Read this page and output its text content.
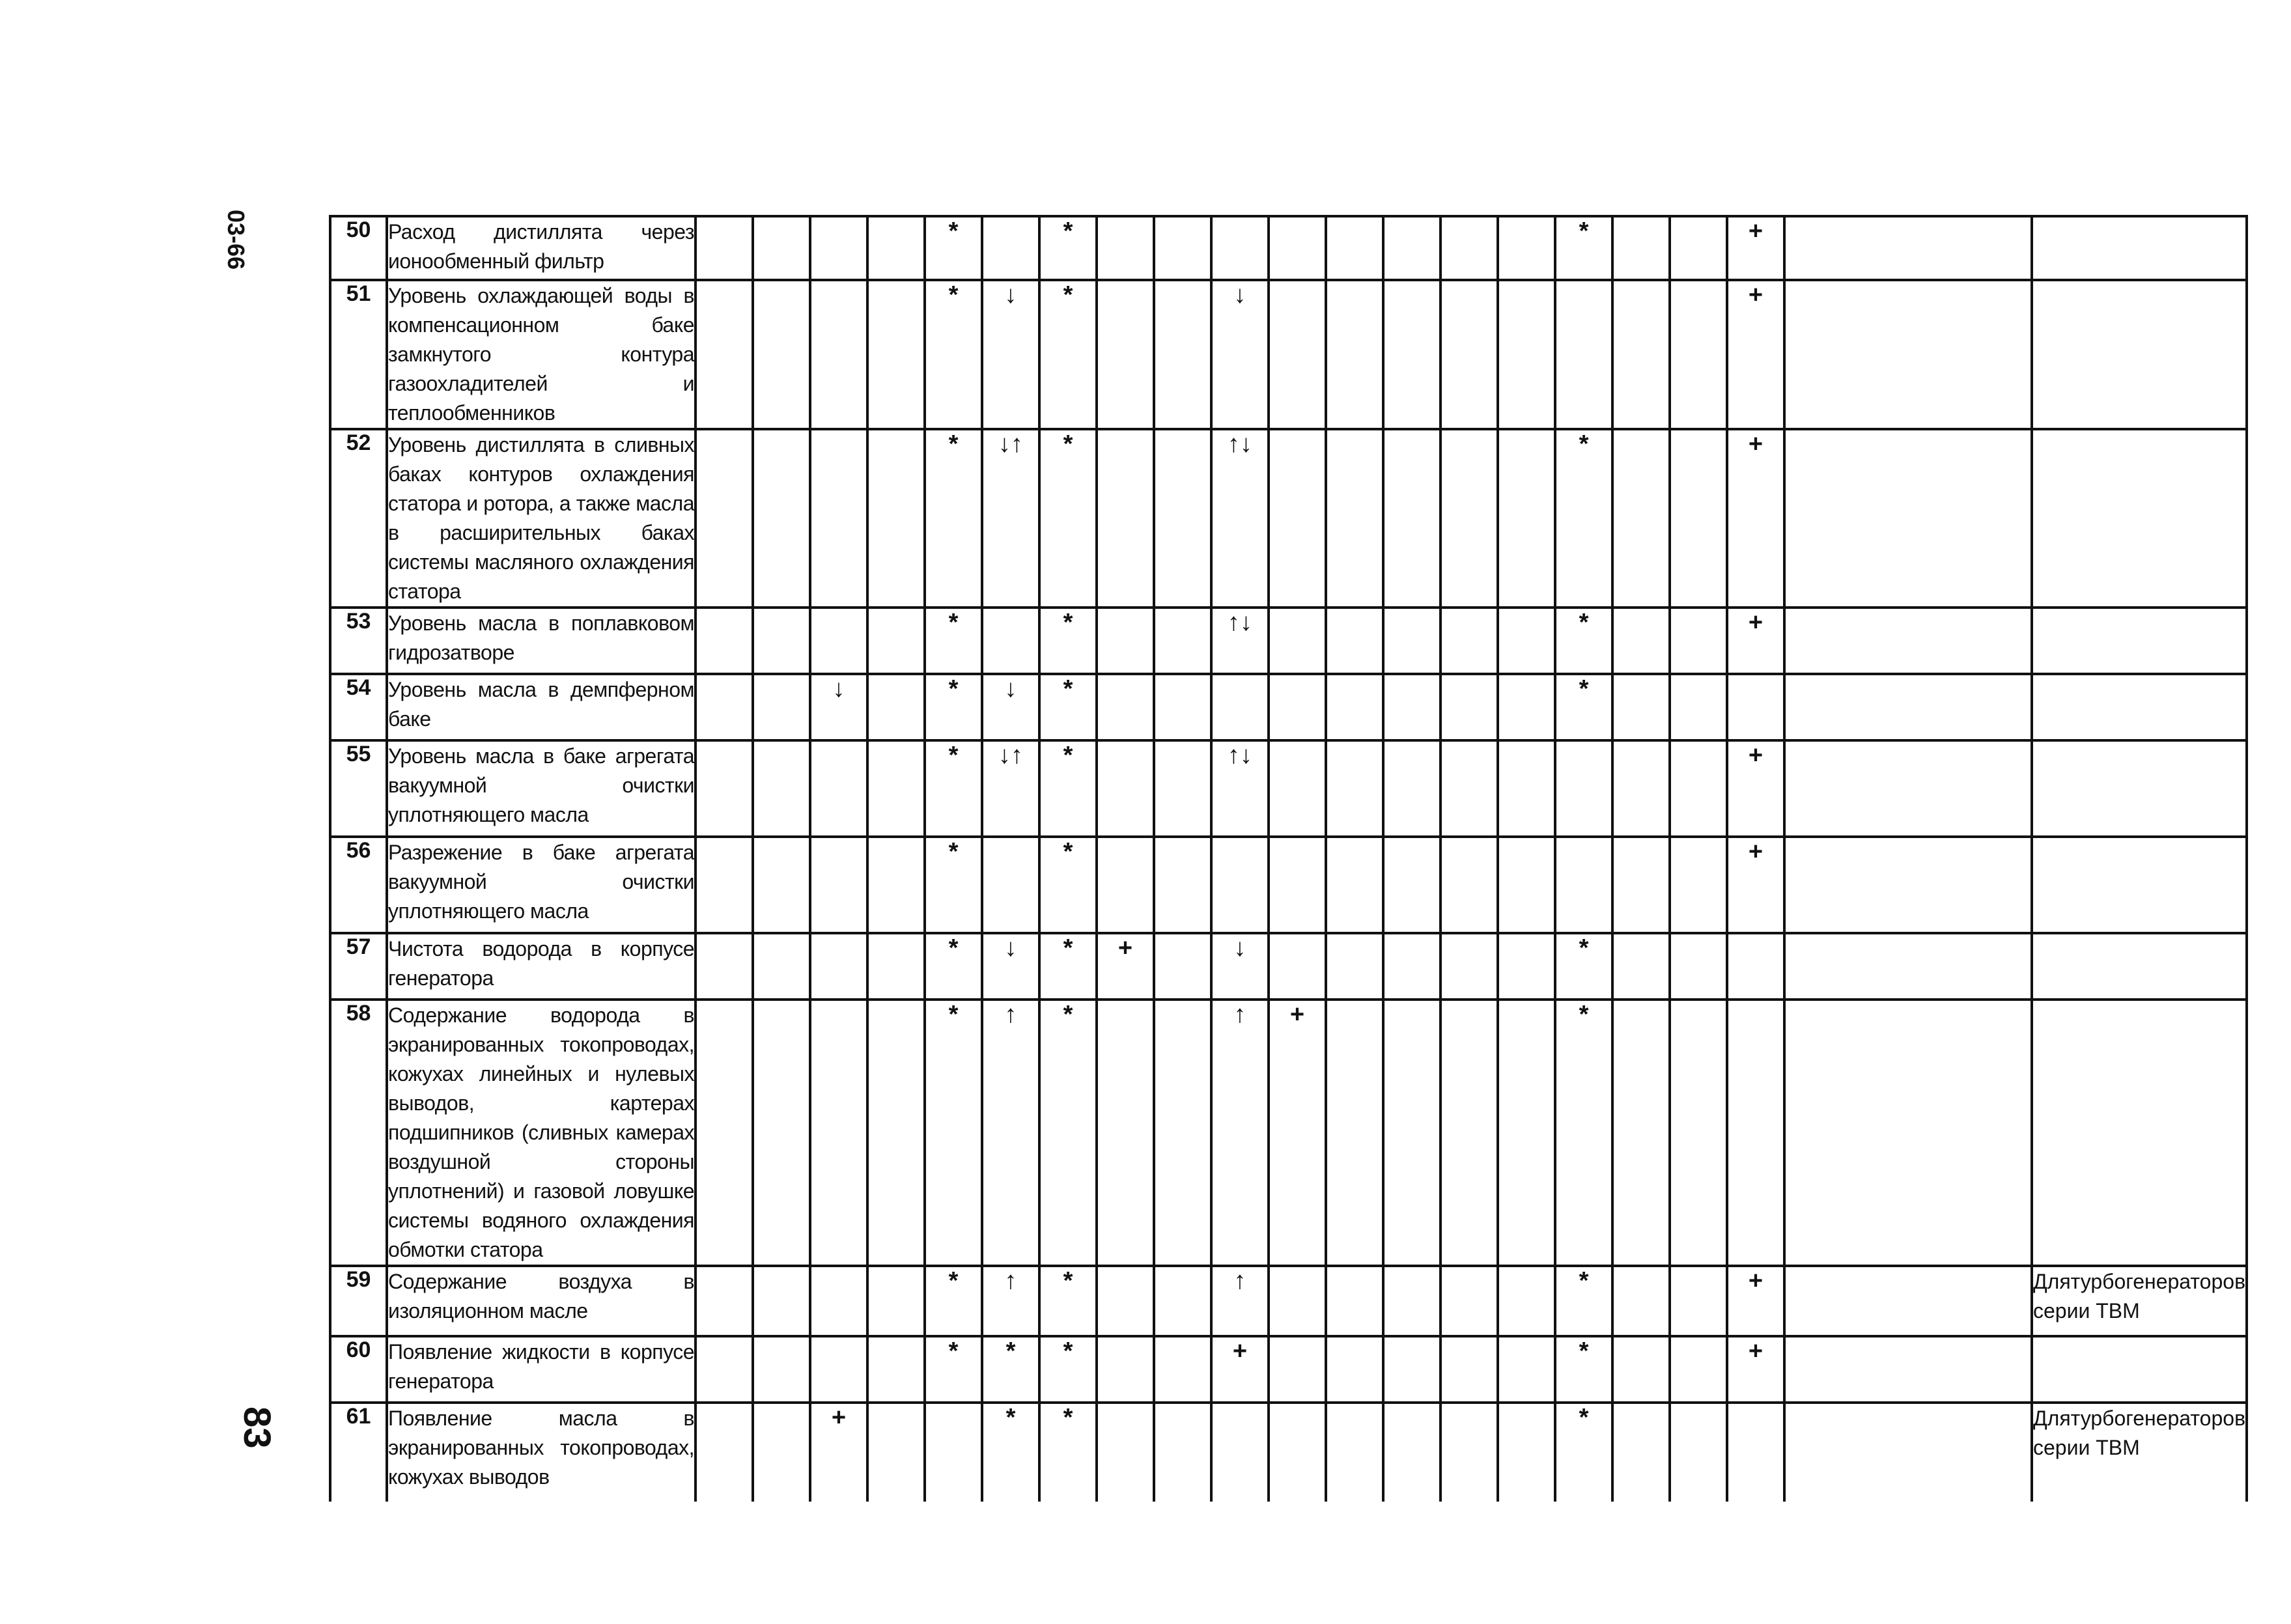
03-66
83
50	Расход дистиллята через ионообменный фильтр					*		*									*			+		
51	Уровень охлаждающей воды в компенсационном баке замкнутого контура газоохладителей и теплообменников					*	↓	*			↓									+		
52	Уровень дистиллята в сливных баках контуров охлаждения статора и ротора, а также масла в расширительных баках системы масляного охлаждения статора					*	↓↑	*			↑↓						*			+		
53	Уровень масла в поплавковом гидрозатворе					*		*			↑↓						*			+		
54	Уровень масла в демпферном баке			↓		*	↓	*									*					
55	Уровень масла в баке агрегата вакуумной очистки уплотняющего масла					*	↓↑	*			↑↓									+		
56	Разрежение в баке агрегата вакуумной очистки уплотняющего масла					*		*												+		
57	Чистота водорода в корпусе генератора					*	↓	*	+		↓						*					
58	Содержание водорода в экранированных токопроводах, кожухах линейных и нулевых выводов, картерах подшипников (сливных камерах воздушной стороны уплотнений) и газовой ловушке системы водяного охлаждения обмотки статора					*	↑	*			↑	+					*					
59	Содержание воздуха в изоляционном масле					*	↑	*			↑						*			+		Для турбогенераторов
серии ТВМ

60	Появление жидкости в корпусе генератора					*	*	*			+						*			+		
61	Появление масла в экранированных токопроводах, кожухах выводов			+			*	*									*					Для турбогенераторов
серии ТВМ
